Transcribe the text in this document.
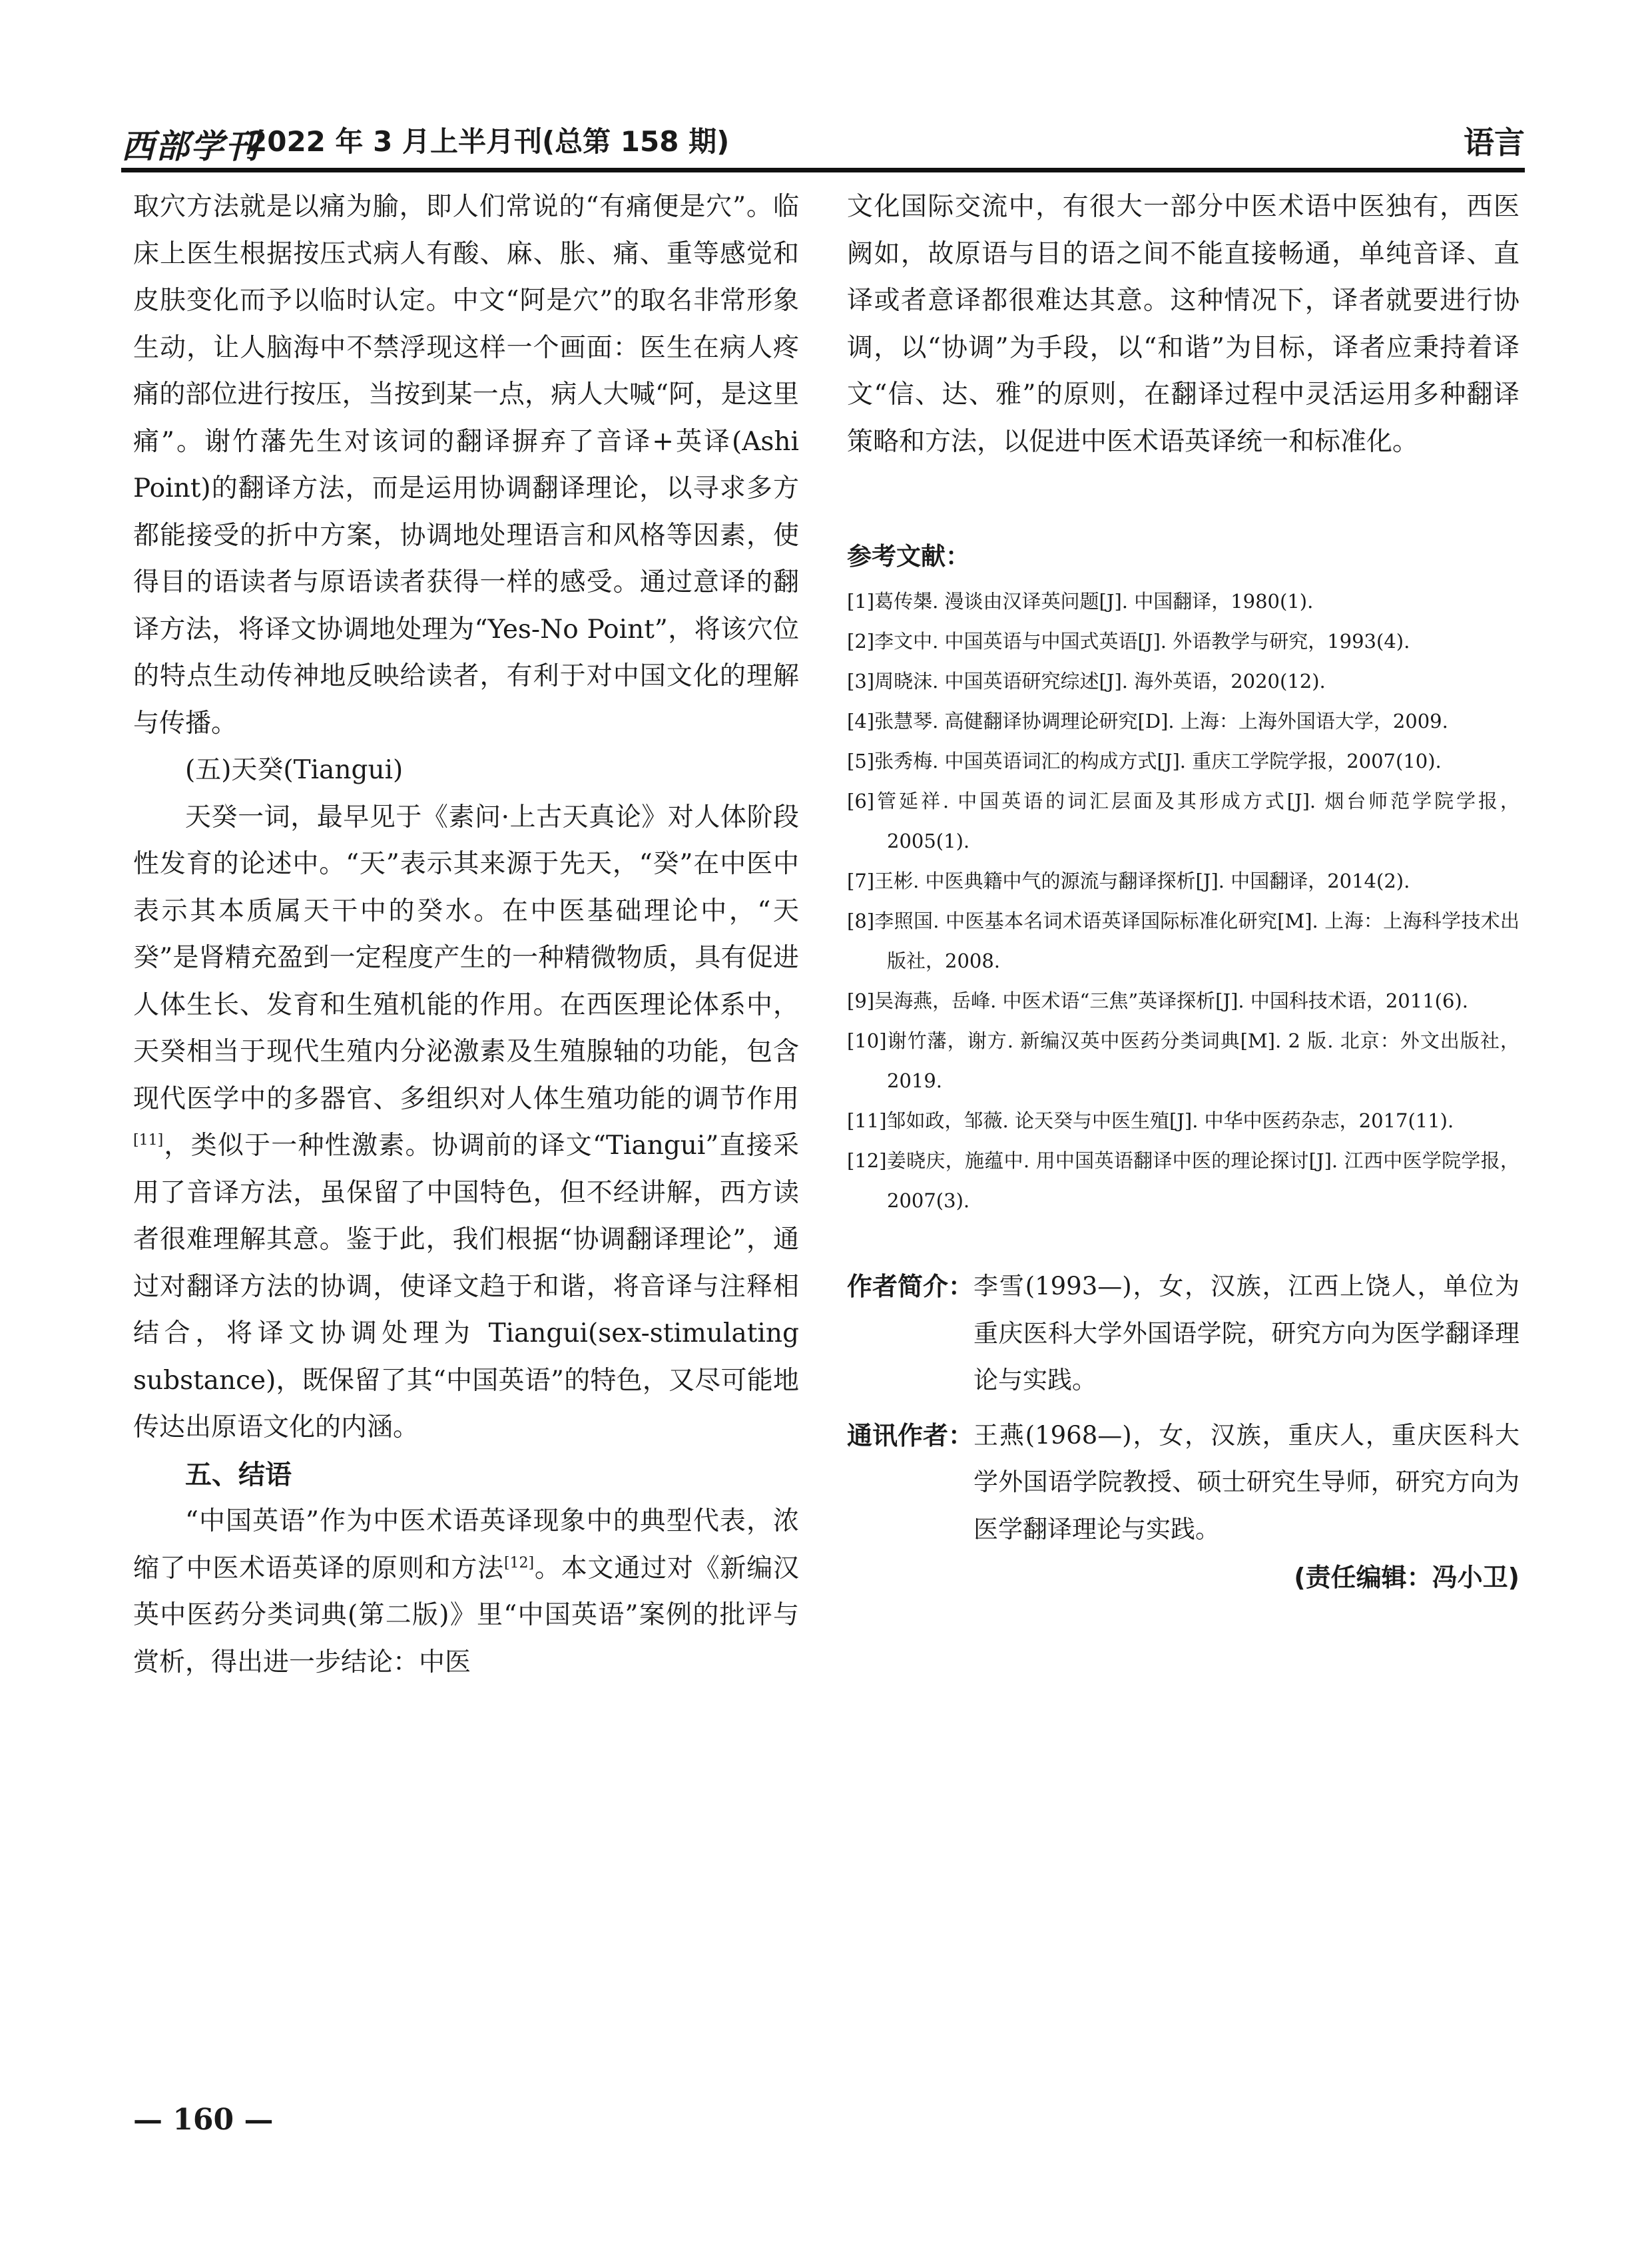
西部学刊
2022 年 3 月上半月刊(总第 158 期)	语言

取穴方法就是以痛为腧，即人们常说的“有痛便是穴”。临床上医生根据按压式病人有酸、麻、胀、痛、重等感觉和皮肤变化而予以临时认定。中文“阿是穴”的取名非常形象生动，让人脑海中不禁浮现这样一个画面：医生在病人疼痛的部位进行按压，当按到某一点，病人大喊“阿，是这里痛”。谢竹藩先生对该词的翻译摒弃了音译+英译(Ashi Point)的翻译方法，而是运用协调翻译理论，以寻求多方都能接受的折中方案，协调地处理语言和风格等因素，使得目的语读者与原语读者获得一样的感受。通过意译的翻译方法，将译文协调地处理为“Yes-No Point”，将该穴位的特点生动传神地反映给读者，有利于对中国文化的理解与传播。

(五)天癸(Tiangui)

天癸一词，最早见于《素问·上古天真论》对人体阶段性发育的论述中。“天”表示其来源于先天，“癸”在中医中表示其本质属天干中的癸水。在中医基础理论中，“天癸”是肾精充盈到一定程度产生的一种精微物质，具有促进人体生长、发育和生殖机能的作用。在西医理论体系中，天癸相当于现代生殖内分泌激素及生殖腺轴的功能，包含现代医学中的多器官、多组织对人体生殖功能的调节作用[11]，类似于一种性激素。协调前的译文“Tiangui”直接采用了音译方法，虽保留了中国特色，但不经讲解，西方读者很难理解其意。鉴于此，我们根据“协调翻译理论”，通过对翻译方法的协调，使译文趋于和谐，将音译与注释相结合，将译文协调处理为 Tiangui(sex-stimulating substance)，既保留了其“中国英语”的特色，又尽可能地传达出原语文化的内涵。

五、结语

“中国英语”作为中医术语英译现象中的典型代表，浓缩了中医术语英译的原则和方法[12]。本文通过对《新编汉英中医药分类词典(第二版)》里“中国英语”案例的批评与赏析，得出进一步结论：中医

文化国际交流中，有很大一部分中医术语中医独有，西医阙如，故原语与目的语之间不能直接畅通，单纯音译、直译或者意译都很难达其意。这种情况下，译者就要进行协调，以“协调”为手段，以“和谐”为目标，译者应秉持着译文“信、达、雅”的原则，在翻译过程中灵活运用多种翻译策略和方法，以促进中医术语英译统一和标准化。

参考文献：

[1]葛传槼. 漫谈由汉译英问题[J]. 中国翻译，1980(1).

[2]李文中. 中国英语与中国式英语[J]. 外语教学与研究，1993(4).

[3]周晓沫. 中国英语研究综述[J]. 海外英语，2020(12).

[4]张慧琴. 高健翻译协调理论研究[D]. 上海：上海外国语大学，2009.

[5]张秀梅. 中国英语词汇的构成方式[J]. 重庆工学院学报，2007(10).

[6]管延祥. 中国英语的词汇层面及其形成方式[J]. 烟台师范学院学报，2005(1).

[7]王彬. 中医典籍中气的源流与翻译探析[J]. 中国翻译，2014(2).

[8]李照国. 中医基本名词术语英译国际标准化研究[M]. 上海：上海科学技术出版社，2008.

[9]吴海燕，岳峰. 中医术语“三焦”英译探析[J]. 中国科技术语，2011(6).

[10]谢竹藩，谢方. 新编汉英中医药分类词典[M]. 2 版. 北京：外文出版社，2019.

[11]邹如政，邹薇. 论天癸与中医生殖[J]. 中华中医药杂志，2017(11).

[12]姜晓庆，施蕴中. 用中国英语翻译中医的理论探讨[J]. 江西中医学院学报，2007(3).

作者简介： 李雪(1993—)，女，汉族，江西上饶人，单位为重庆医科大学外国语学院，研究方向为医学翻译理论与实践。
通讯作者： 王燕(1968—)，女，汉族，重庆人，重庆医科大学外国语学院教授、硕士研究生导师，研究方向为医学翻译理论与实践。

(责任编辑：冯小卫)

— 160 —
